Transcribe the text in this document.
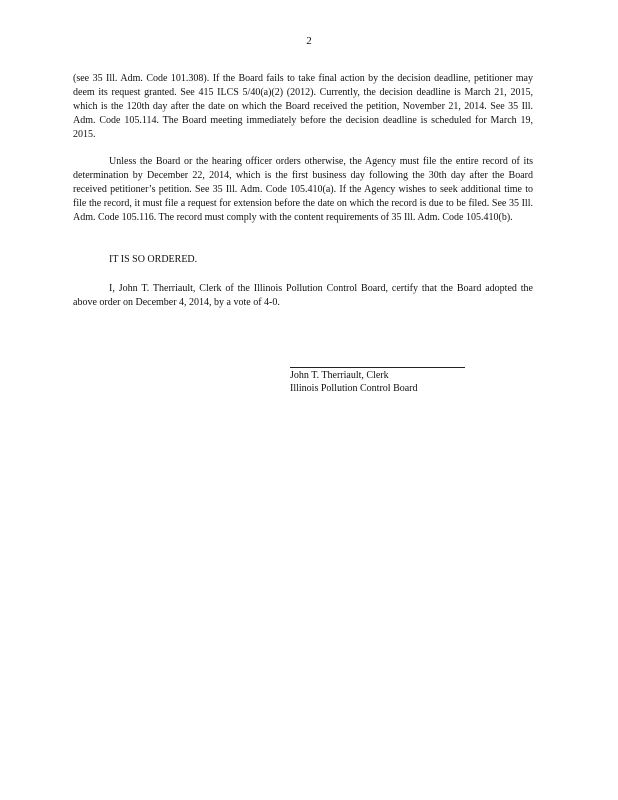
2
(see 35 Ill. Adm. Code 101.308). If the Board fails to take final action by the decision deadline, petitioner may deem its request granted. See 415 ILCS 5/40(a)(2) (2012). Currently, the decision deadline is March 21, 2015, which is the 120th day after the date on which the Board received the petition, November 21, 2014. See 35 Ill. Adm. Code 105.114. The Board meeting immediately before the decision deadline is scheduled for March 19, 2015.
Unless the Board or the hearing officer orders otherwise, the Agency must file the entire record of its determination by December 22, 2014, which is the first business day following the 30th day after the Board received petitioner’s petition. See 35 Ill. Adm. Code 105.410(a). If the Agency wishes to seek additional time to file the record, it must file a request for extension before the date on which the record is due to be filed. See 35 Ill. Adm. Code 105.116. The record must comply with the content requirements of 35 Ill. Adm. Code 105.410(b).
IT IS SO ORDERED.
I, John T. Therriault, Clerk of the Illinois Pollution Control Board, certify that the Board adopted the above order on December 4, 2014, by a vote of 4-0.
John T. Therriault, Clerk
Illinois Pollution Control Board
